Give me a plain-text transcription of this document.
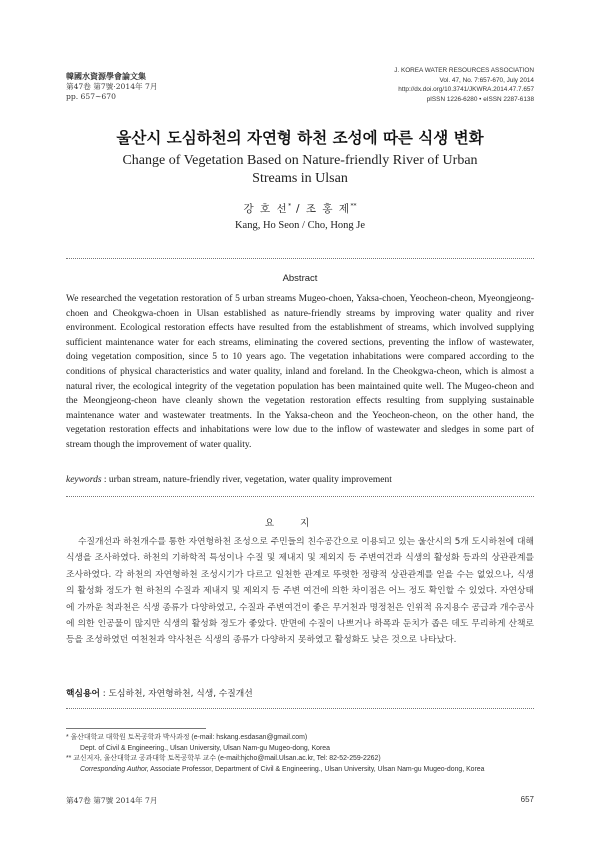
韓國水資源學會論文集
第47卷 第7號·2014年 7月
pp. 657~670
J. KOREA WATER RESOURCES ASSOCIATION
Vol. 47, No. 7:657-670, July 2014
http://dx.doi.org/10.3741/JKWRA.2014.47.7.657
pISSN 1226-6280 • eISSN 2287-6138
울산시 도심하천의 자연형 하천 조성에 따른 식생 변화
Change of Vegetation Based on Nature-friendly River of Urban Streams in Ulsan
강 호 선* / 조 홍 제**
Kang, Ho Seon / Cho, Hong Je
Abstract

We researched the vegetation restoration of 5 urban streams Mugeo-choen, Yaksa-choen, Yeocheon-cheon, Myeongjeong-choen and Cheokgwa-choen in Ulsan established as nature-friendly streams by improving water quality and river environment. Ecological restoration effects have resulted from the establishment of streams, which involved supplying sufficient maintenance water for each streams, eliminating the covered sections, preventing the inflow of wastewater, doing vegetation composition, since 5 to 10 years ago. The vegetation inhabitations were compared according to the conditions of physical characteristics and water quality, inland and foreland. In the Cheokgwa-cheon, which is almost a natural river, the ecological integrity of the vegetation population has been maintained quite well. The Mugeo-cheon and the Meongjeong-cheon have cleanly shown the vegetation restoration effects resulting from supplying sustainable maintenance water and wastewater treatments. In the Yaksa-cheon and the Yeocheon-cheon, on the other hand, the vegetation restoration effects and inhabitations were low due to the inflow of wastewater and sledges in some part of stream though the improvement of water quality.

keywords : urban stream, nature-friendly river, vegetation, water quality improvement
요지

수질개선과 하천개수를 통한 자연형하천 조성으로 주민들의 친수공간으로 이용되고 있는 울산시의 5개 도시하천에 대해 식생을 조사하였다. 하천의 기하학적 특성이나 수질 및 제내지 및 제외지 등 주변여건과 식생의 활성화 등과의 상관관계를 조사하였다. 각 하천의 자연형하천 조성시기가 다르고 일천한 관계로 뚜렷한 정량적 상관관계를 얻을 수는 없었으나, 식생의 활성화 정도가 현 하천의 수질과 제내지 및 제외지 등 주변 여건에 의한 차이점은 어느 정도 확인할 수 있었다. 자연상태에 가까운 척과천은 식생 종류가 다양하였고, 수질과 주변여건이 좋은 무거천과 명정천은 인위적 유지용수 공급과 개수공사에 의한 인공물이 많지만 식생의 활성화 정도가 좋았다. 반면에 수질이 나쁘거나 하폭과 둔치가 좁은 데도 무리하게 산책로 등을 조성하였던 여천천과 약사천은 식생의 종류가 다양하지 못하였고 활성화도 낮은 것으로 나타났다.

핵심용어 : 도심하천, 자연형하천, 식생, 수질개선
* 울산대학교 대학원 토목공학과 박사과정 (e-mail: hskang.esdasan@gmail.com)
Dept. of Civil & Engineering., Ulsan University, Ulsan Nam-gu Mugeo-dong, Korea
** 교신저자, 울산대학교 공과대학 토목공학부 교수 (e-mail:hjcho@mail.Ulsan.ac.kr, Tel: 82-52-259-2262)
Corresponding Author, Associate Professor, Department of Civil & Engineering., Ulsan University, Ulsan Nam-gu Mugeo-dong, Korea
第47卷 第7號 2014年 7月	657
